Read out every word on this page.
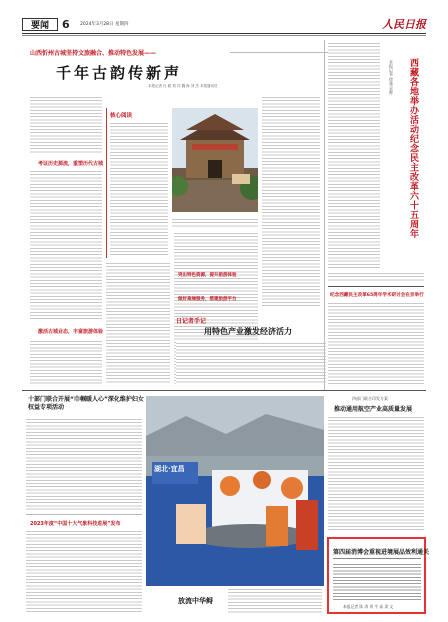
要闻 6 2024年3月28日 星期四	人民日报
山西忻州古城坚持文旅融合、推动特色发展——
千年古韵传新声
本报记者 付 聪 郑 洋 魏 海 刘 杰 本报通讯员
考证历史源流，重塑历代古城
激活古城业态，丰富旅游体验
核心阅读
突出特色资源，提升旅游体验
做好高端服务，搭建旅游平台
日记者手记
用特色产业激发经济活力
本报记者 徐驰 袁晔	西藏各地举办活动纪念民主改革六十五周年
纪念西藏民主改革65周年学术研讨会在京举行
十部门联合开展“巾帼暖人心”深化维护妇女权益专项活动
2023年度“中国十大气象科技进展”发布
湖北·宜昌
放流中华鲟
四部门联合印发方案
推动通用航空产业高质量发展
第四届消博会重视进境展品效利通关
本报记者 陈 涛 刘 平 高 肃 文
